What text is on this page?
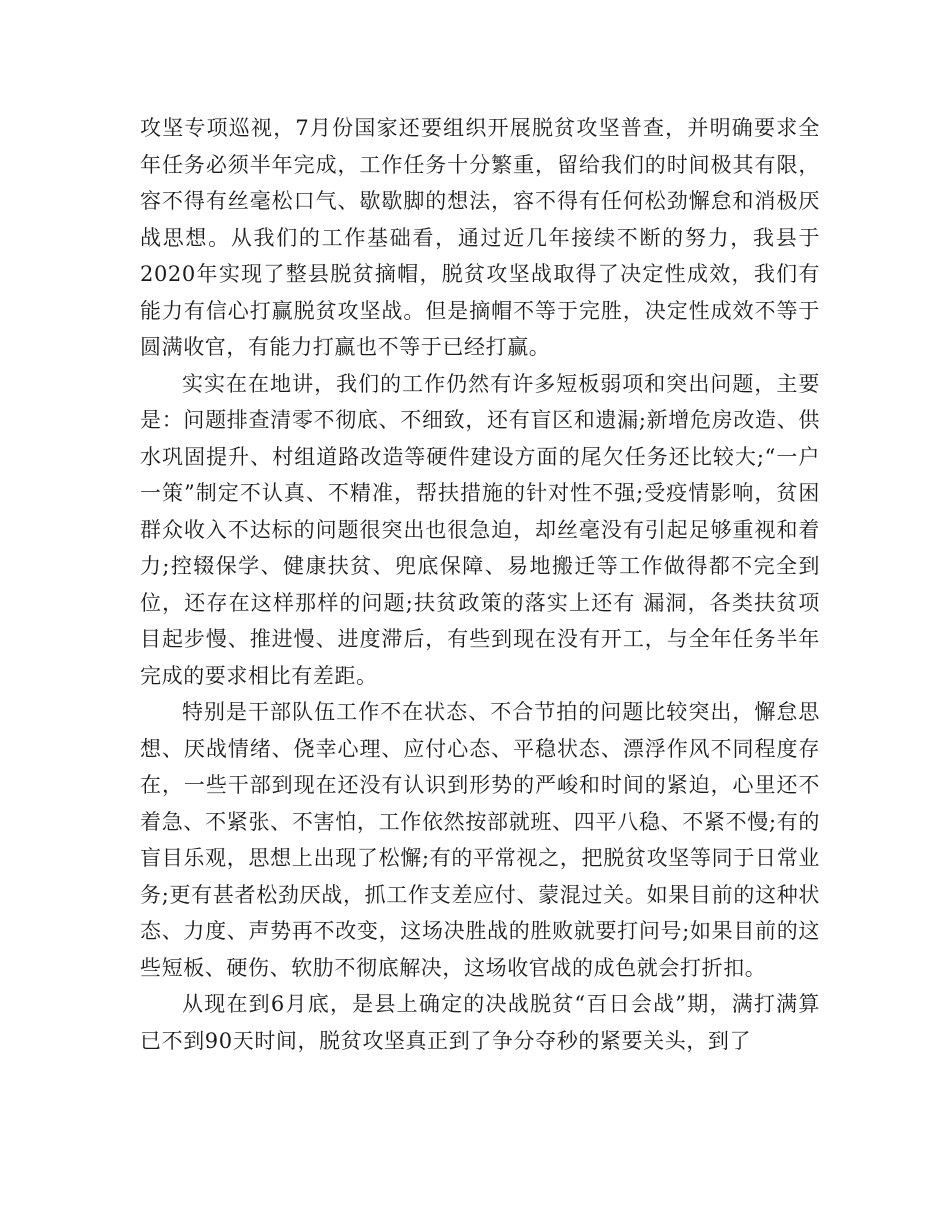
攻坚专项巡视，7月份国家还要组织开展脱贫攻坚普查，并明确要求全年任务必须半年完成，工作任务十分繁重，留给我们的时间极其有限，容不得有丝毫松口气、歇歇脚的想法，容不得有任何松劲懈怠和消极厌战思想。从我们的工作基础看，通过近几年接续不断的努力，我县于2020年实现了整县脱贫摘帽，脱贫攻坚战取得了决定性成效，我们有能力有信心打赢脱贫攻坚战。但是摘帽不等于完胜，决定性成效不等于圆满收官，有能力打赢也不等于已经打赢。

实实在在地讲，我们的工作仍然有许多短板弱项和突出问题，主要是：问题排查清零不彻底、不细致，还有盲区和遗漏;新增危房改造、供水巩固提升、村组道路改造等硬件建设方面的尾欠任务还比较大;“一户一策”制定不认真、不精准，帮扶措施的针对性不强;受疫情影响，贫困群众收入不达标的问题很突出也很急迫，却丝毫没有引起足够重视和着力;控辍保学、健康扶贫、兜底保障、易地搬迁等工作做得都不完全到位，还存在这样那样的问题;扶贫政策的落实上还有 漏洞，各类扶贫项目起步慢、推进慢、进度滞后，有些到现在没有开工，与全年任务半年完成的要求相比有差距。

特别是干部队伍工作不在状态、不合节拍的问题比较突出，懈怠思想、厌战情绪、侥幸心理、应付心态、平稳状态、漂浮作风不同程度存在，一些干部到现在还没有认识到形势的严峻和时间的紧迫，心里还不着急、不紧张、不害怕，工作依然按部就班、四平八稳、不紧不慢;有的盲目乐观，思想上出现了松懈;有的平常视之，把脱贫攻坚等同于日常业务;更有甚者松劲厌战，抓工作支差应付、蒙混过关。如果目前的这种状态、力度、声势再不改变，这场决胜战的胜败就要打问号;如果目前的这些短板、硬伤、软肋不彻底解决，这场收官战的成色就会打折扣。

从现在到6月底，是县上确定的决战脱贫“百日会战”期，满打满算已不到90天时间，脱贫攻坚真正到了争分夺秒的紧要关头，到了
